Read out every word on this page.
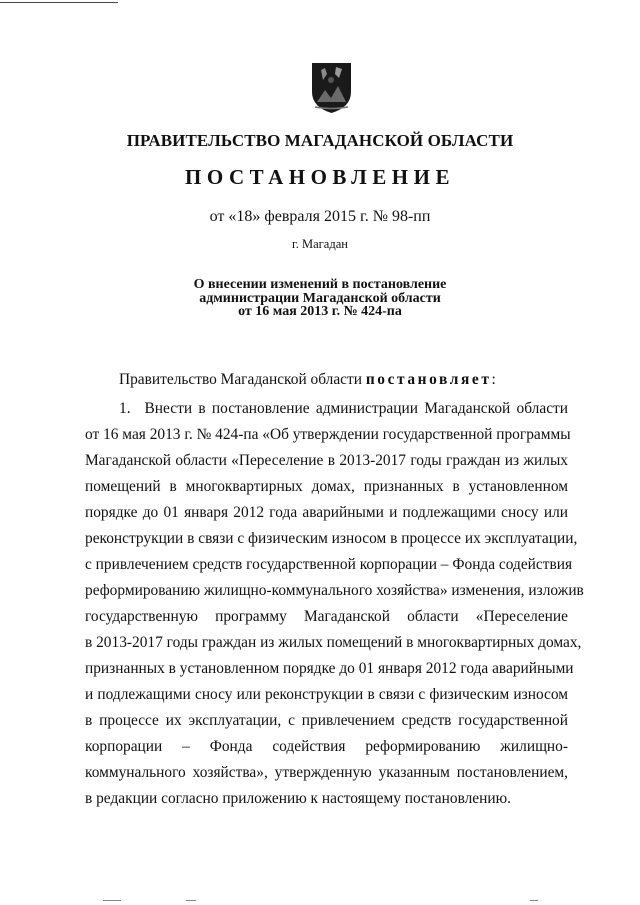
ПРАВИТЕЛЬСТВО МАГАДАНСКОЙ ОБЛАСТИ
ПОСТАНОВЛЕНИЕ
от «18» февраля 2015 г. № 98-пп
г. Магадан
О внесении изменений в постановление
администрации Магаданской области
от 16 мая 2013 г. № 424-па
Правительство Магаданской области постановляет:
1. Внести в постановление администрации Магаданской области
от 16 мая 2013 г. № 424-па «Об утверждении государственной программы
Магаданской области «Переселение в 2013-2017 годы граждан из жилых
помещений в многоквартирных домах, признанных в установленном
порядке до 01 января 2012 года аварийными и подлежащими сносу или
реконструкции в связи с физическим износом в процессе их эксплуатации,
с привлечением средств государственной корпорации – Фонда содействия
реформированию жилищно-коммунального хозяйства» изменения, изложив
государственную программу Магаданской области «Переселение
в 2013-2017 годы граждан из жилых помещений в многоквартирных домах,
признанных в установленном порядке до 01 января 2012 года аварийными
и подлежащими сносу или реконструкции в связи с физическим износом
в процессе их эксплуатации, с привлечением средств государственной
корпорации – Фонда содействия реформированию жилищно-
коммунального хозяйства», утвержденную указанным постановлением,
в редакции согласно приложению к настоящему постановлению.
